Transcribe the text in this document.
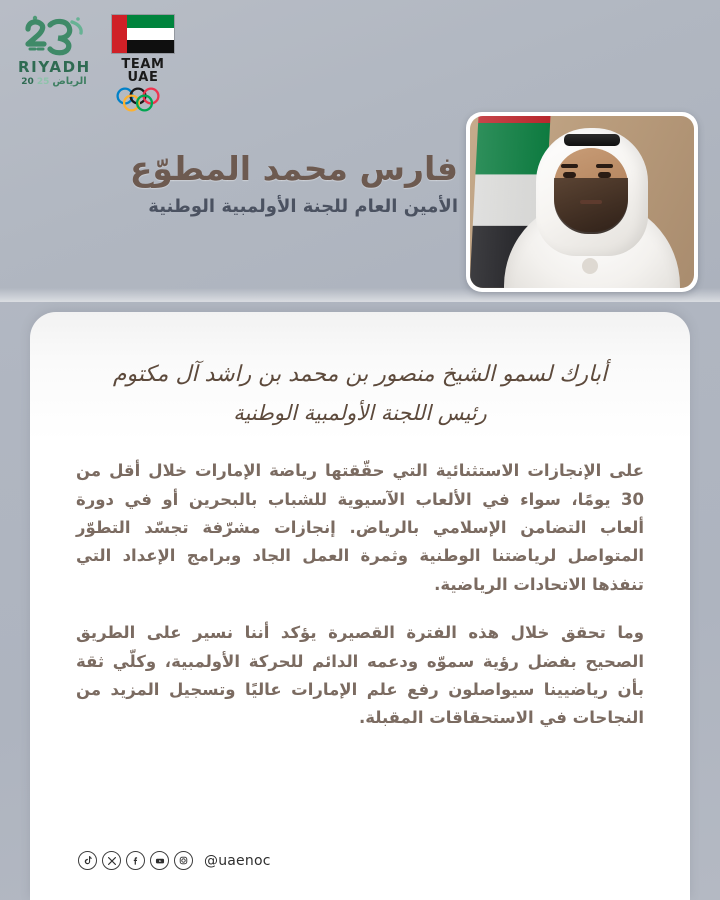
RIYADH
20 25 الرياض
TEAM UAE
فارس محمد المطوّع
الأمين العام للجنة الأولمبية الوطنية
أبارك لسمو الشيخ منصور بن محمد بن راشد آل مكتوم
رئيس اللجنة الأولمبية الوطنية

على الإنجازات الاستثنائية التي حقّقتها رياضة الإمارات خلال أقل من 30 يومًا، سواء في الألعاب الآسيوية للشباب بالبحرين أو في دورة ألعاب التضامن الإسلامي بالرياض. إنجازات مشرّفة تجسّد التطوّر المتواصل لرياضتنا الوطنية وثمرة العمل الجاد وبرامج الإعداد التي تنفذها الاتحادات الرياضية.

وما تحقق خلال هذه الفترة القصيرة يؤكد أننا نسير على الطريق الصحيح بفضل رؤية سموّه ودعمه الدائم للحركة الأولمبية، وكلّي ثقة بأن رياضيينا سيواصلون رفع علم الإمارات عاليًا وتسجيل المزيد من النجاحات في الاستحقاقات المقبلة.

@uaenoc
